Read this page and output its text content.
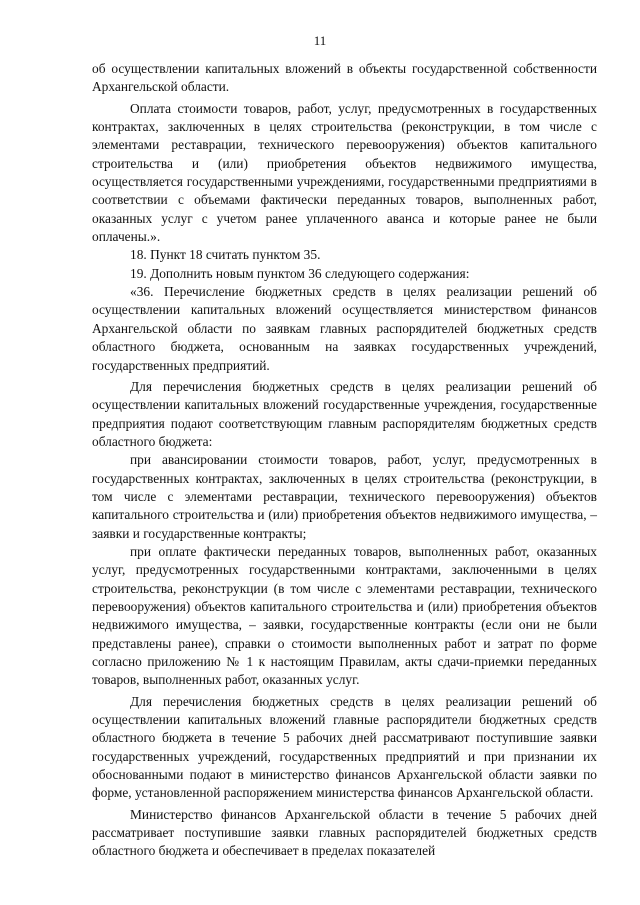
11

об осуществлении капитальных вложений в объекты государственной собственности Архангельской области.

Оплата стоимости товаров, работ, услуг, предусмотренных в государственных контрактах, заключенных в целях строительства (реконструкции, в том числе с элементами реставрации, технического перевооружения) объектов капитального строительства и (или) приобретения объектов недвижимого имущества, осуществляется государственными учреждениями, государственными предприятиями в соответствии с объемами фактически переданных товаров, выполненных работ, оказанных услуг с учетом ранее уплаченного аванса и которые ранее не были оплачены.».

18. Пункт 18 считать пунктом 35.

19. Дополнить новым пунктом 36 следующего содержания:

«36. Перечисление бюджетных средств в целях реализации решений об осуществлении капитальных вложений осуществляется министерством финансов Архангельской области по заявкам главных распорядителей бюджетных средств областного бюджета, основанным на заявках государственных учреждений, государственных предприятий.

Для перечисления бюджетных средств в целях реализации решений об осуществлении капитальных вложений государственные учреждения, государственные предприятия подают соответствующим главным распорядителям бюджетных средств областного бюджета:

при авансировании стоимости товаров, работ, услуг, предусмотренных в государственных контрактах, заключенных в целях строительства (реконструкции, в том числе с элементами реставрации, технического перевооружения) объектов капитального строительства и (или) приобретения объектов недвижимого имущества, – заявки и государственные контракты;

при оплате фактически переданных товаров, выполненных работ, оказанных услуг, предусмотренных государственными контрактами, заключенными в целях строительства, реконструкции (в том числе с элементами реставрации, технического перевооружения) объектов капитального строительства и (или) приобретения объектов недвижимого имущества, – заявки, государственные контракты (если они не были представлены ранее), справки о стоимости выполненных работ и затрат по форме согласно приложению № 1 к настоящим Правилам, акты сдачи-приемки переданных товаров, выполненных работ, оказанных услуг.

Для перечисления бюджетных средств в целях реализации решений об осуществлении капитальных вложений главные распорядители бюджетных средств областного бюджета в течение 5 рабочих дней рассматривают поступившие заявки государственных учреждений, государственных предприятий и при признании их обоснованными подают в министерство финансов Архангельской области заявки по форме, установленной распоряжением министерства финансов Архангельской области.

Министерство финансов Архангельской области в течение 5 рабочих дней рассматривает поступившие заявки главных распорядителей бюджетных средств областного бюджета и обеспечивает в пределах показателей
